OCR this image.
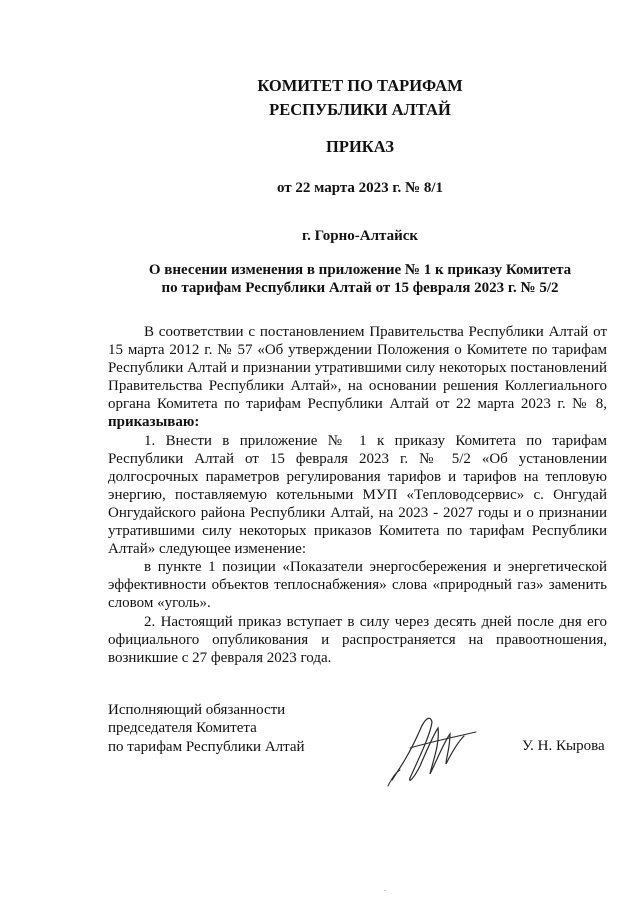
КОМИТЕТ ПО ТАРИФАМ
РЕСПУБЛИКИ АЛТАЙ
ПРИКАЗ
от 22 марта 2023 г. № 8/1
г. Горно-Алтайск
О внесении изменения в приложение № 1 к приказу Комитета
по тарифам Республики Алтай от 15 февраля 2023 г. № 5/2

В соответствии с постановлением Правительства Республики Алтай от 15 марта 2012 г. № 57 «Об утверждении Положения о Комитете по тарифам Республики Алтай и признании утратившими силу некоторых постановлений Правительства Республики Алтай», на основании решения Коллегиального органа Комитета по тарифам Республики Алтай от 22 марта 2023 г. № 8, приказываю:

1. Внести в приложение № 1 к приказу Комитета по тарифам Республики Алтай от 15 февраля 2023 г. № 5/2 «Об установлении долгосрочных параметров регулирования тарифов и тарифов на тепловую энергию, поставляемую котельными МУП «Тепловодсервис» с. Онгудай Онгудайского района Республики Алтай, на 2023 - 2027 годы и о признании утратившими силу некоторых приказов Комитета по тарифам Республики Алтай» следующее изменение:

в пункте 1 позиции «Показатели энергосбережения и энергетической эффективности объектов теплоснабжения» слова «природный газ» заменить словом «уголь».

2. Настоящий приказ вступает в силу через десять дней после дня его официального опубликования и распространяется на правоотношения, возникшие с 27 февраля 2023 года.

Исполняющий обязанности
председателя Комитета
по тарифам Республики Алтай	У. Н. Кырова
.
